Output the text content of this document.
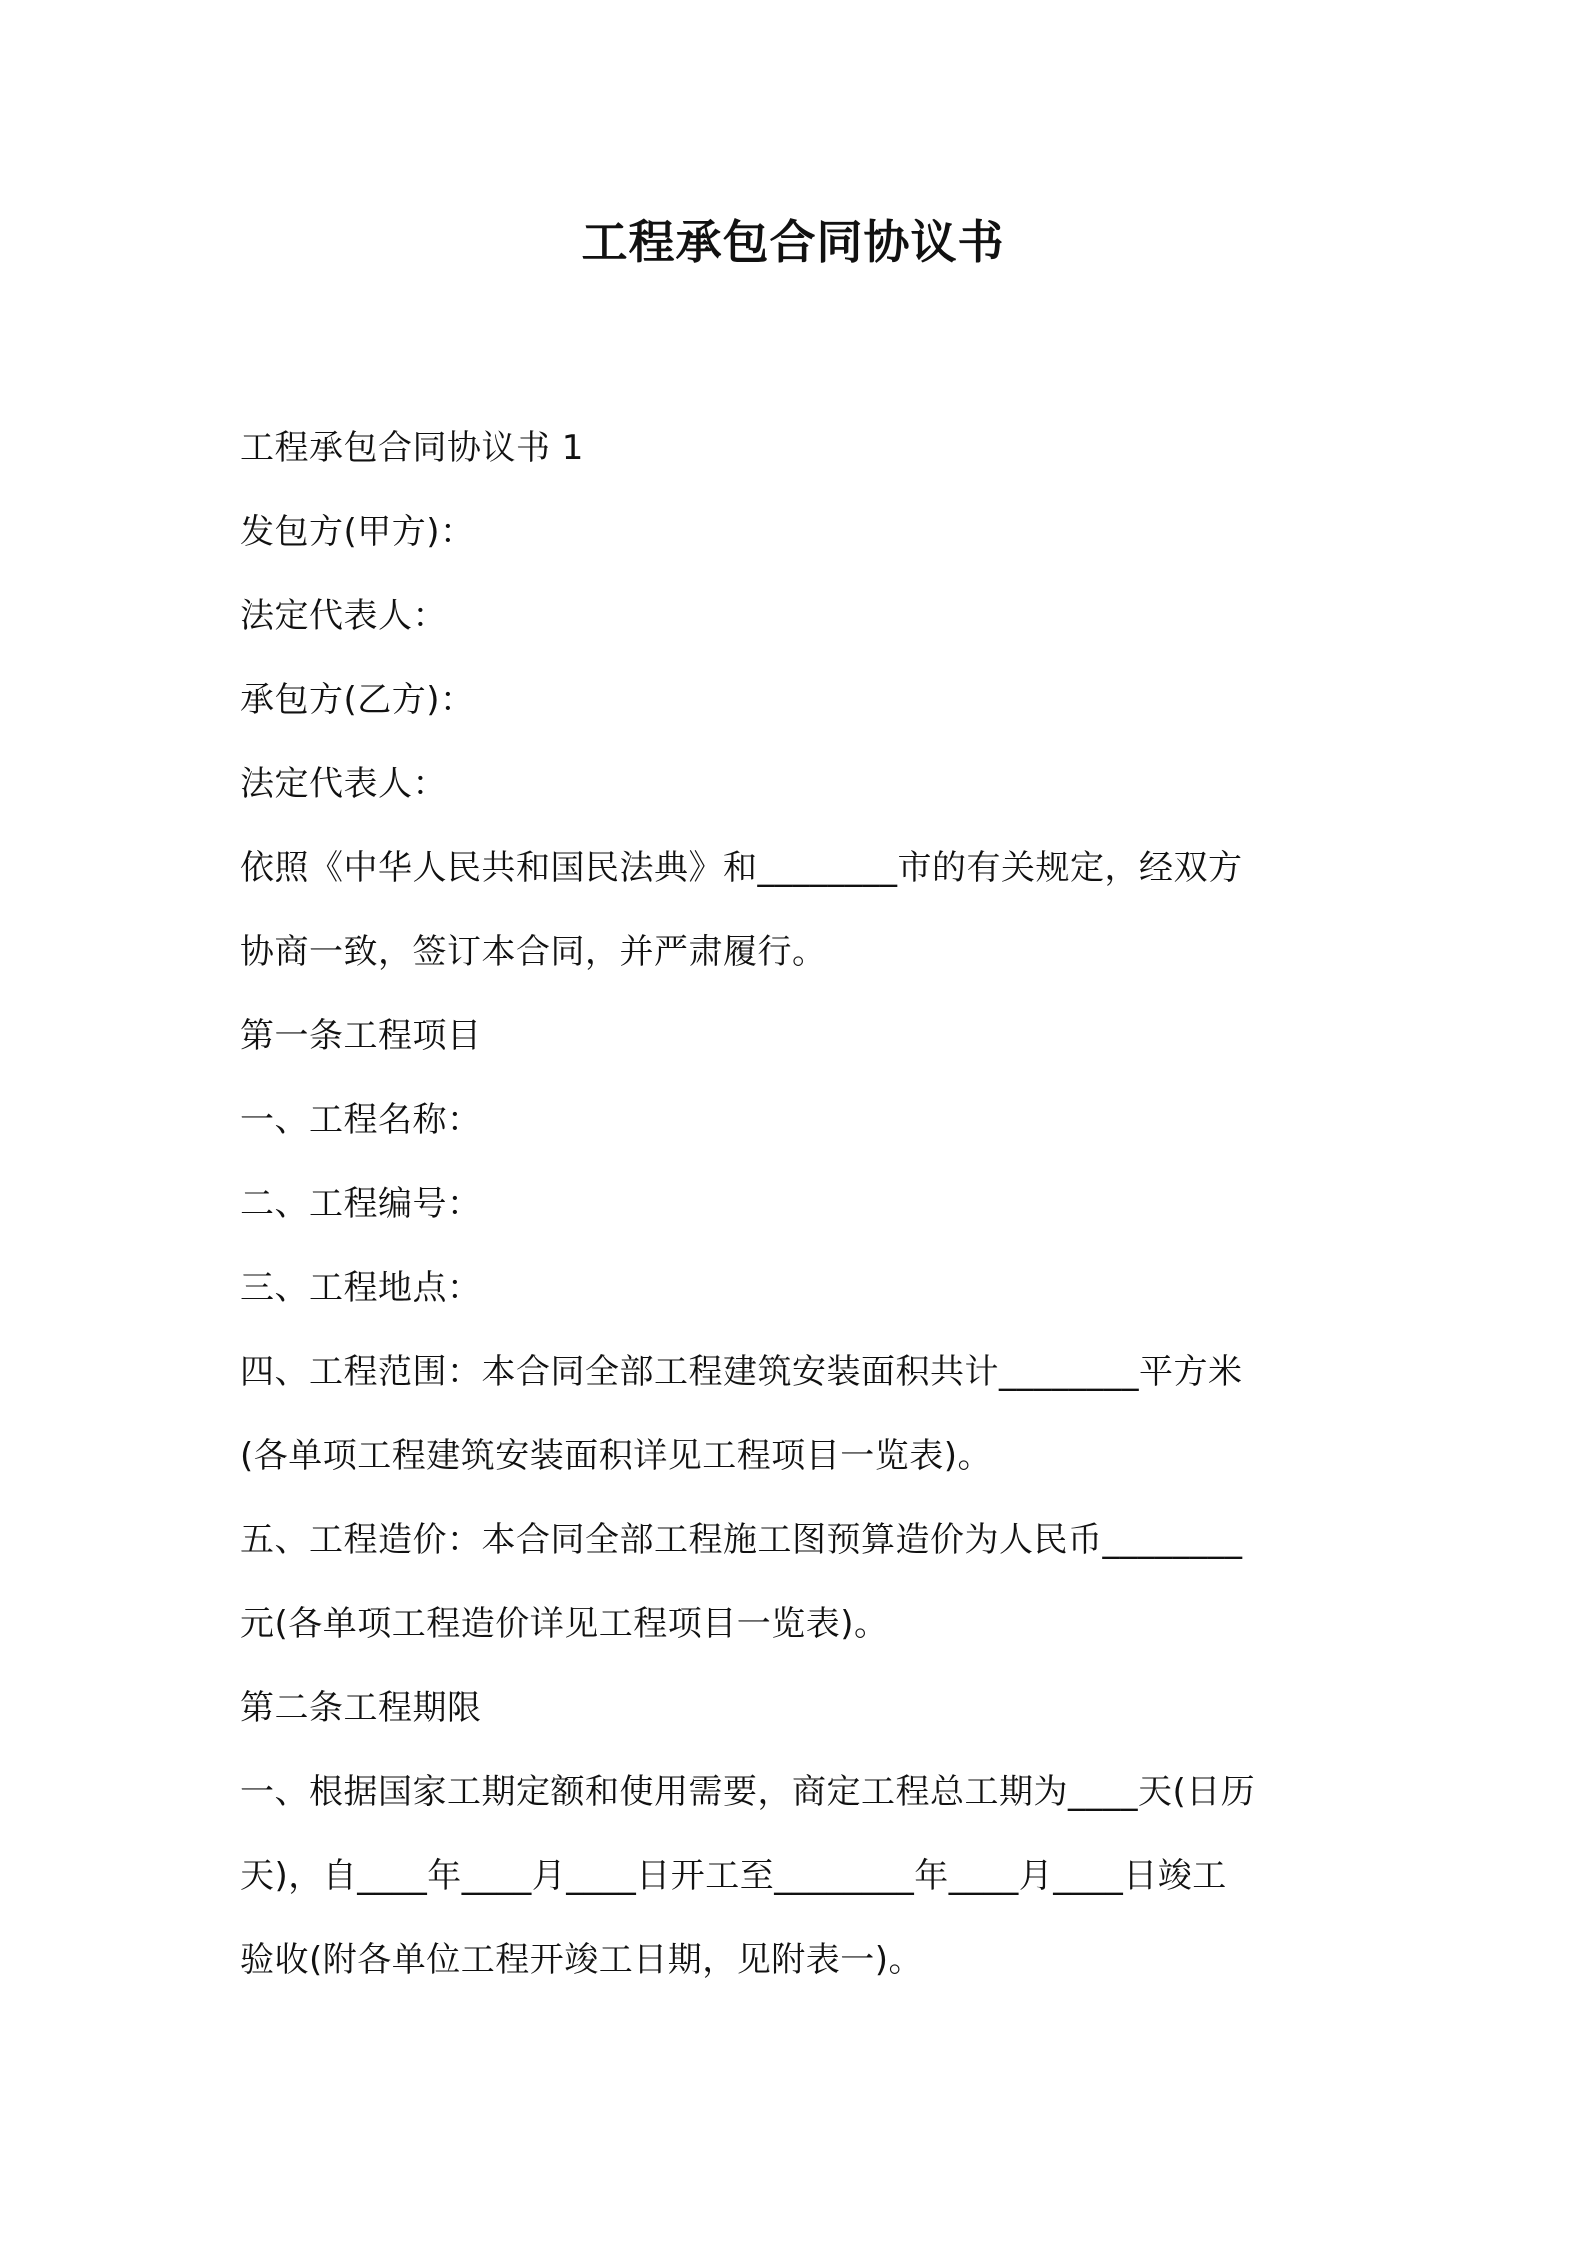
工程承包合同协议书

工程承包合同协议书 1

发包方(甲方)：

法定代表人：

承包方(乙方)：

法定代表人：

依照《中华人民共和国民法典》和________市的有关规定，经双方

协商一致，签订本合同，并严肃履行。

第一条工程项目

一、工程名称：

二、工程编号：

三、工程地点：

四、工程范围：本合同全部工程建筑安装面积共计________平方米

(各单项工程建筑安装面积详见工程项目一览表)。

五、工程造价：本合同全部工程施工图预算造价为人民币________

元(各单项工程造价详见工程项目一览表)。

第二条工程期限

一、根据国家工期定额和使用需要，商定工程总工期为____天(日历

天)，自____年____月____日开工至________年____月____日竣工

验收(附各单位工程开竣工日期，见附表一)。
